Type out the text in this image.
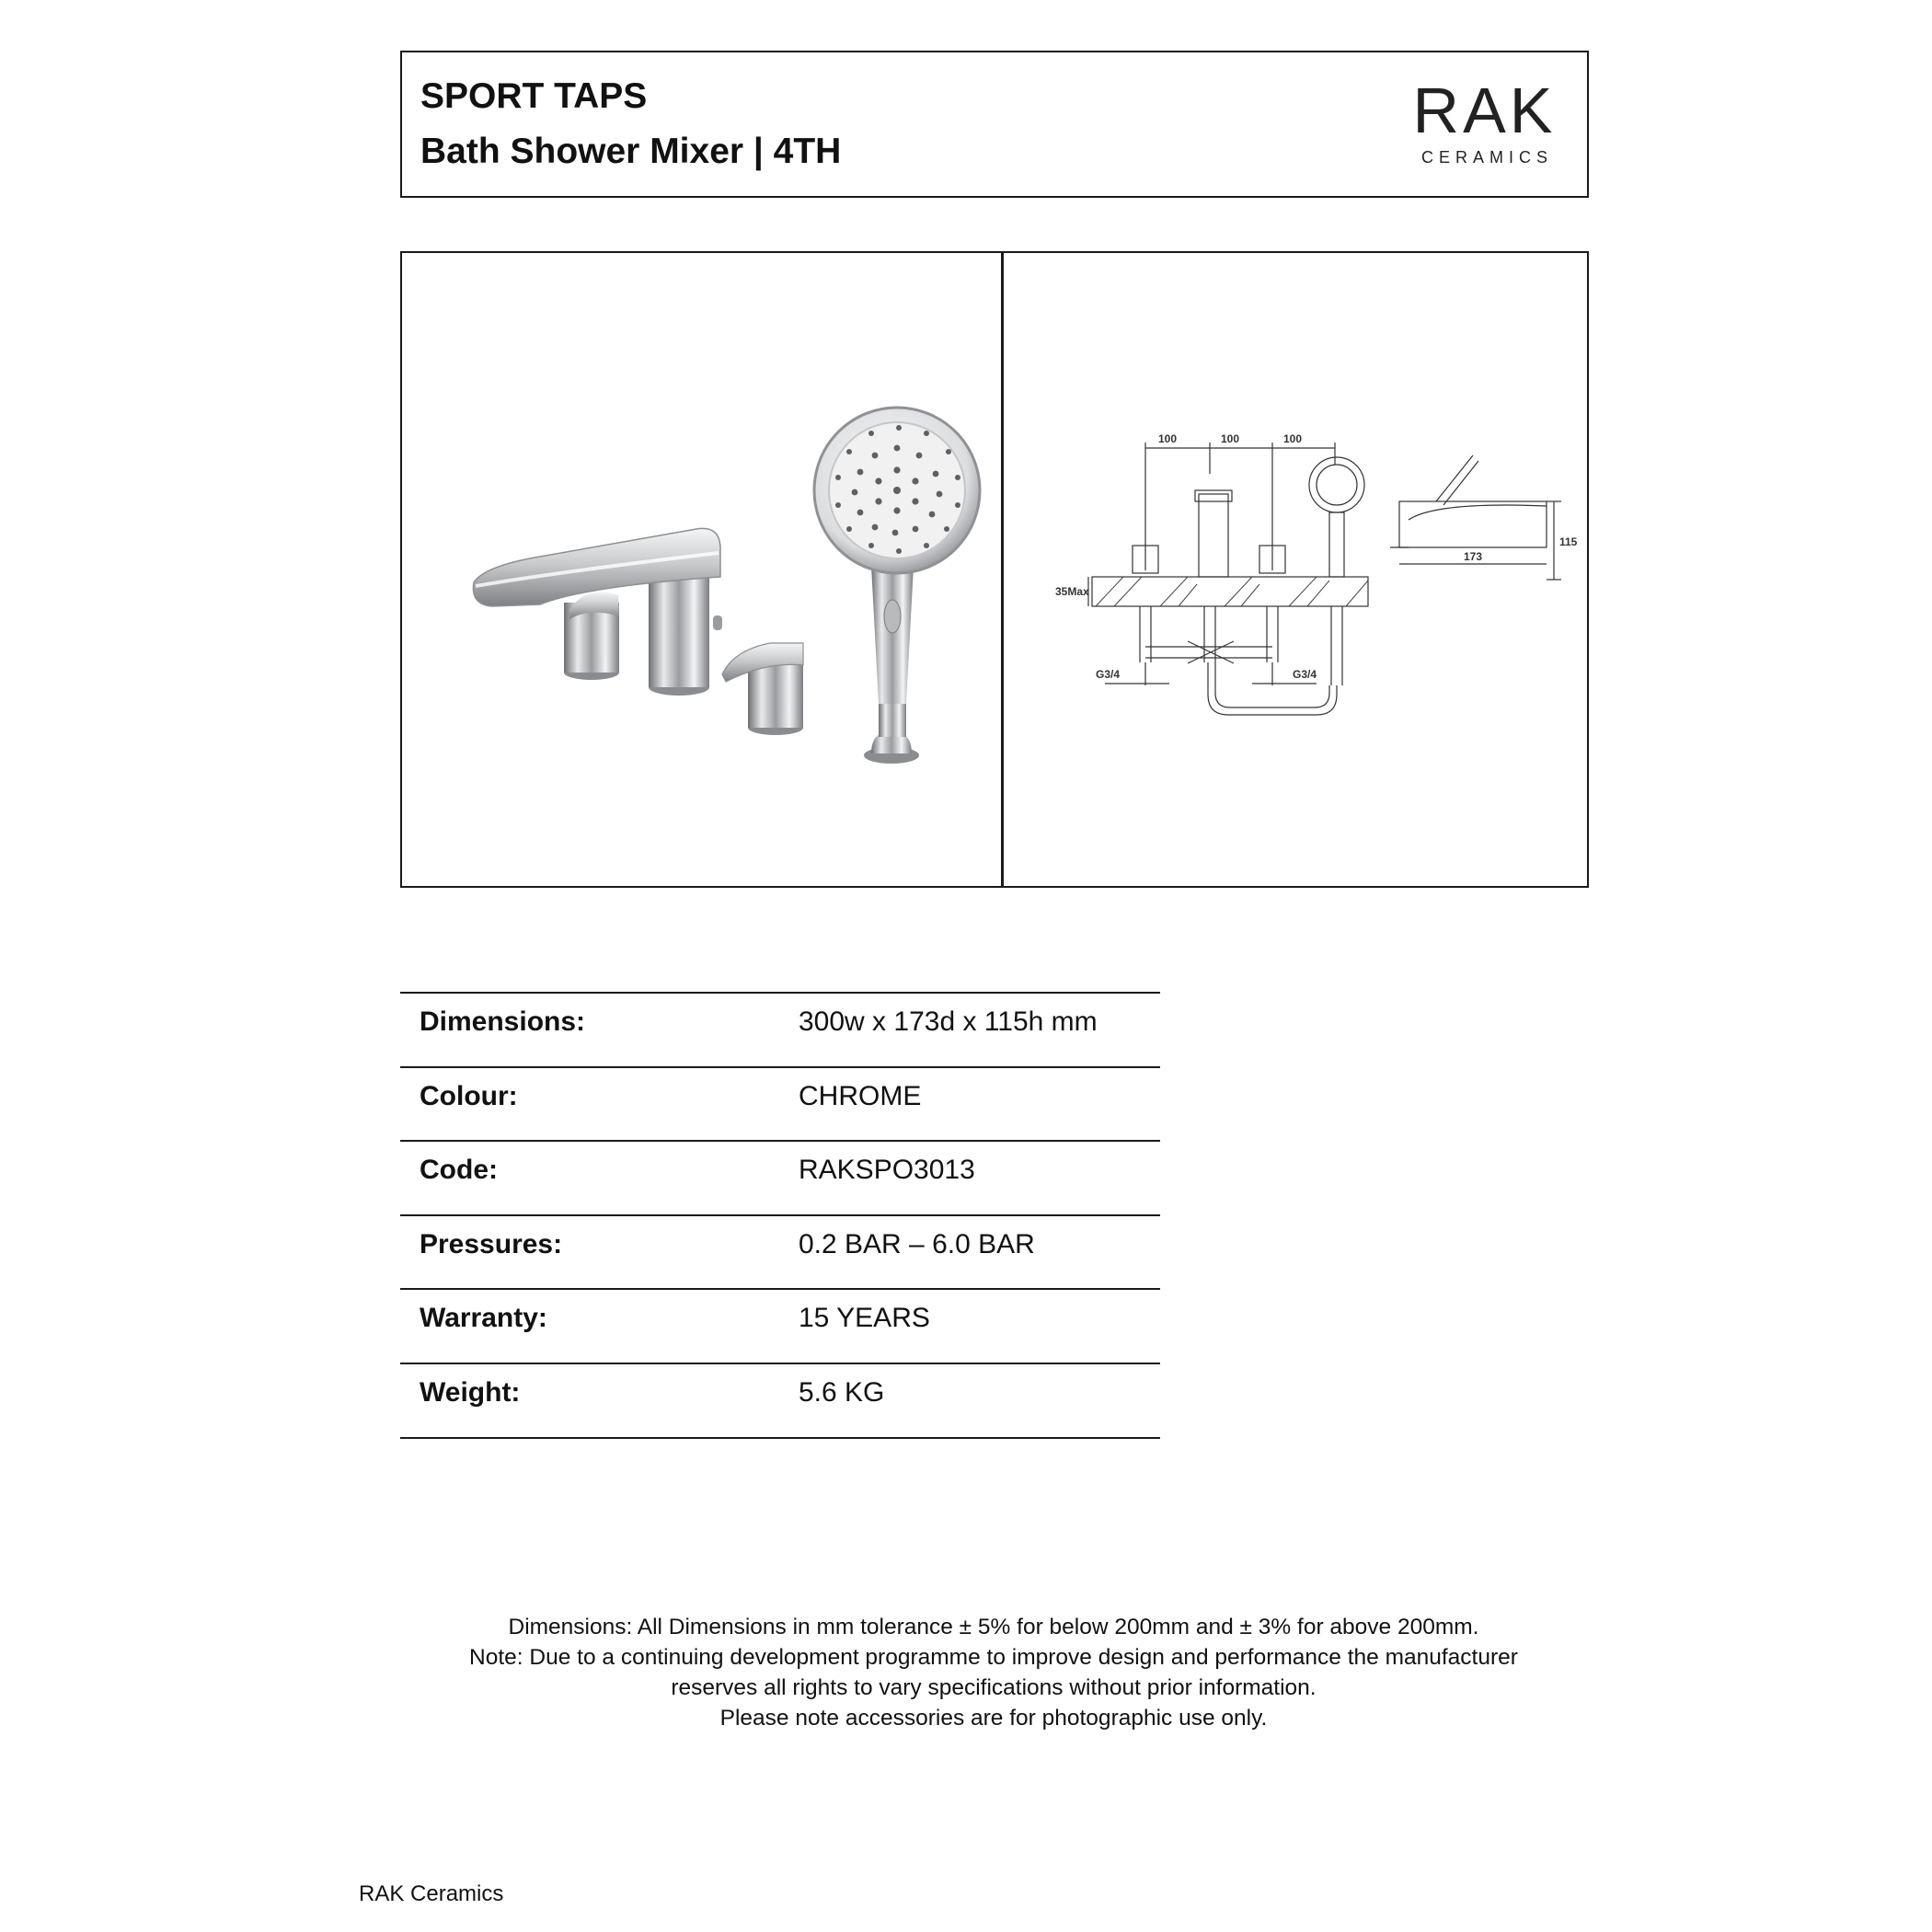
SPORT TAPS
Bath Shower Mixer | 4TH
RAK
CERAMICS
100	100	100
35Max
G3/4	G3/4
173
115
Dimensions:	300w x 173d x 115h mm
Colour:	CHROME
Code:	RAKSPO3013
Pressures:	0.2 BAR – 6.0 BAR
Warranty:	15 YEARS
Weight:	5.6 KG
Dimensions: All Dimensions in mm tolerance ± 5% for below 200mm and ± 3% for above 200mm.
Note: Due to a continuing development programme to improve design and performance the manufacturer
reserves all rights to vary specifications without prior information.
Please note accessories are for photographic use only.
RAK Ceramics
